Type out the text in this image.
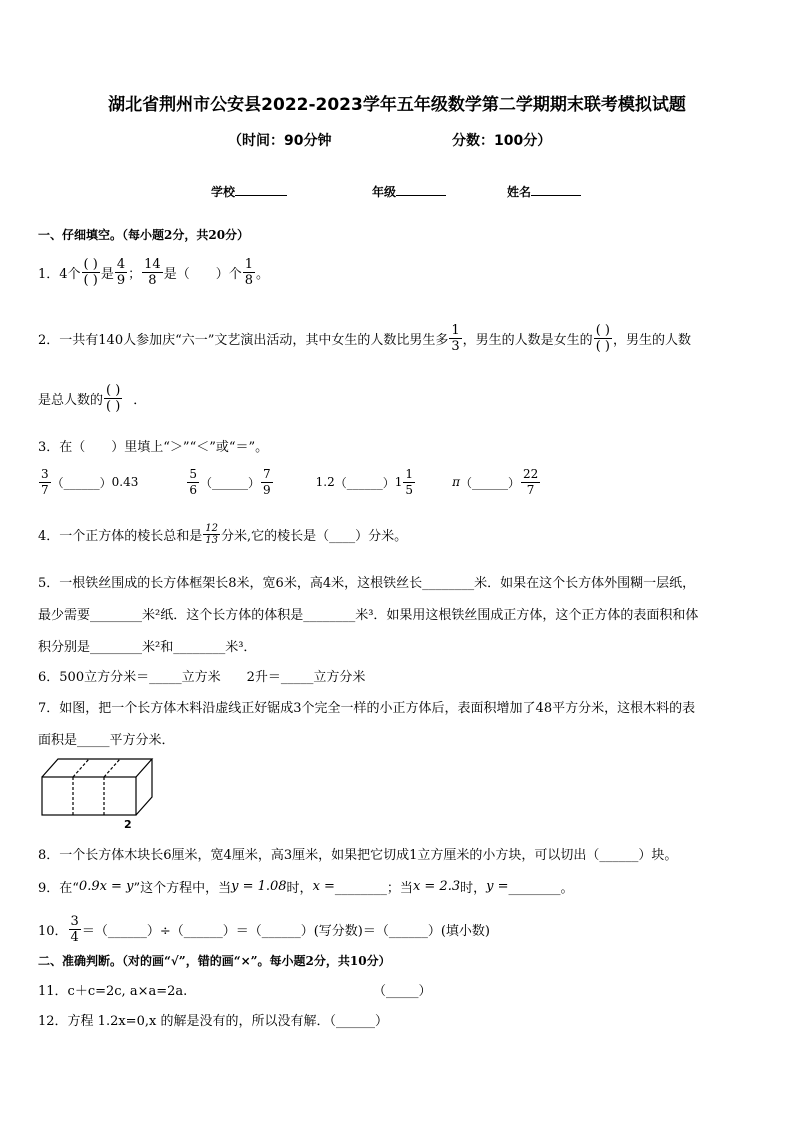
湖北省荆州市公安县2022-2023学年五年级数学第二学期期末联考模拟试题
（时间：90分钟	分数：100分）
学校	年级	姓名
一、仔细填空。（每小题2分，共20分）
1．4个 $\frac{( )}{( )}$ 是 $\frac{4}{9}$ ； $\frac{14}{8}$ 是（　　）个 $\frac{1}{8}$ 。
2．一共有140人参加庆“六一”文艺演出活动，其中女生的人数比男生多 $\frac{1}{3}$ ，男生的人数是女生的 $\frac{( )}{( )}$ ，男生的人数
是总人数的 $\frac{( )}{( )}$ ．
3．在（　　）里填上“＞”“＜”或“＝”。
$\frac{3}{7}$ （______） 0.43	$\frac{5}{6}$ （______） $\frac{7}{9}$	1.2 （______） $1 \frac{1}{5}$	π （______） $\frac{22}{7}$
4．一个正方体的棱长总和是 $\frac{12}{13}$ 分米,它的棱长是（____）分米。
5．一根铁丝围成的长方体框架长8米，宽6米，高4米，这根铁丝长________米．如果在这个长方体外围糊一层纸，
最少需要________米²纸．这个长方体的体积是________米³．如果用这根铁丝围成正方体，这个正方体的表面积和体
积分别是________米²和________米³．
6．500立方分米＝_____立方米　　2升＝_____立方分米
7．如图，把一个长方体木料沿虚线正好锯成3个完全一样的小正方体后，表面积增加了48平方分米，这根木料的表
面积是_____平方分米．
2
8．一个长方体木块长6厘米，宽4厘米，高3厘米，如果把它切成1立方厘米的小方块，可以切出（______）块。
9．在“ 0.9x = y ”这个方程中，当 y = 1.08 时， x = ________；当 x = 2.3 时， y = ________。
10． $\frac{3}{4}$ ＝（______）÷（______）＝（______）(写分数)＝（______）(填小数)
二、准确判断。（对的画“√”，错的画“×”。每小题2分，共10分）
11．c＋c=2c, a×a=2a.	（_____）
12．方程 1.2x=0,x 的解是没有的，所以没有解．（______）
